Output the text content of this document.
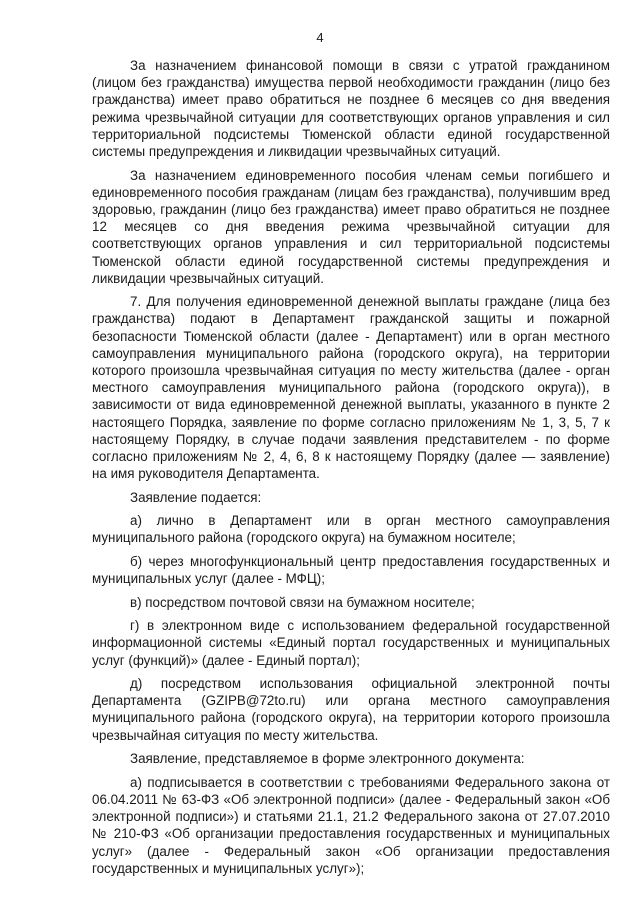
4

За назначением финансовой помощи в связи с утратой гражданином (лицом без гражданства) имущества первой необходимости гражданин (лицо без гражданства) имеет право обратиться не позднее 6 месяцев со дня введения режима чрезвычайной ситуации для соответствующих органов управления и сил территориальной подсистемы Тюменской области единой государственной системы предупреждения и ликвидации чрезвычайных ситуаций.

За назначением единовременного пособия членам семьи погибшего и единовременного пособия гражданам (лицам без гражданства), получившим вред здоровью, гражданин (лицо без гражданства) имеет право обратиться не позднее 12 месяцев со дня введения режима чрезвычайной ситуации для соответствующих органов управления и сил территориальной подсистемы Тюменской области единой государственной системы предупреждения и ликвидации чрезвычайных ситуаций.

7. Для получения единовременной денежной выплаты граждане (лица без гражданства) подают в Департамент гражданской защиты и пожарной безопасности Тюменской области (далее - Департамент) или в орган местного самоуправления муниципального района (городского округа), на территории которого произошла чрезвычайная ситуация по месту жительства (далее - орган местного самоуправления муниципального района (городского округа)), в зависимости от вида единовременной денежной выплаты, указанного в пункте 2 настоящего Порядка, заявление по форме согласно приложениям № 1, 3, 5, 7 к настоящему Порядку, в случае подачи заявления представителем - по форме согласно приложениям № 2, 4, 6, 8 к настоящему Порядку (далее — заявление) на имя руководителя Департамента.

Заявление подается:

а) лично в Департамент или в орган местного самоуправления муниципального района (городского округа) на бумажном носителе;

б) через многофункциональный центр предоставления государственных и муниципальных услуг (далее - МФЦ);

в) посредством почтовой связи на бумажном носителе;

г) в электронном виде с использованием федеральной государственной информационной системы «Единый портал государственных и муниципальных услуг (функций)» (далее - Единый портал);

д) посредством использования официальной электронной почты Департамента (GZIPB@72to.ru) или органа местного самоуправления муниципального района (городского округа), на территории которого произошла чрезвычайная ситуация по месту жительства.

Заявление, представляемое в форме электронного документа:

а) подписывается в соответствии с требованиями Федерального закона от 06.04.2011 № 63-ФЗ «Об электронной подписи» (далее - Федеральный закон «Об электронной подписи») и статьями 21.1, 21.2 Федерального закона от 27.07.2010 № 210-ФЗ «Об организации предоставления государственных и муниципальных услуг» (далее - Федеральный закон «Об организации предоставления государственных и муниципальных услуг»);
